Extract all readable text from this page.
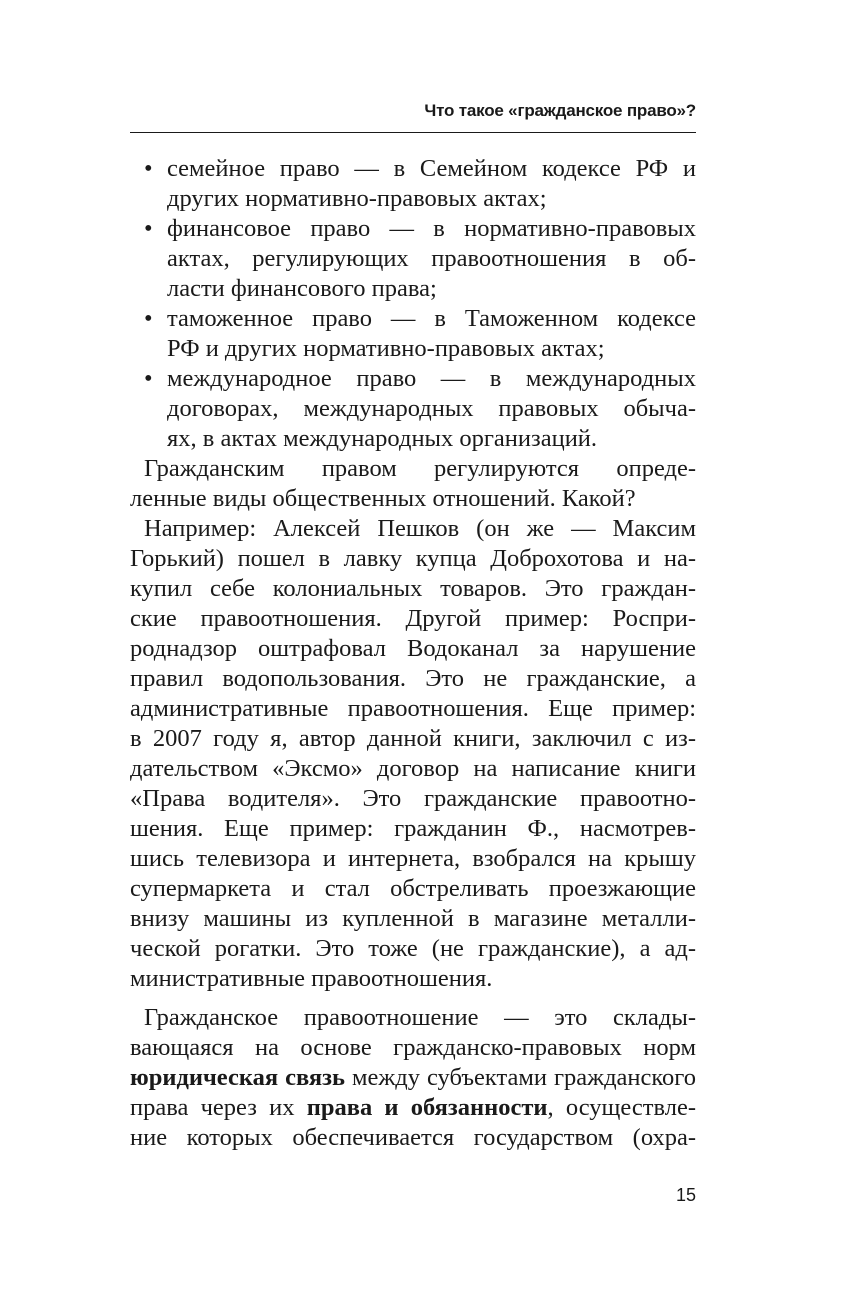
Что такое «гражданское право»?
• семейное право — в Семейном кодексе РФ и
других нормативно-правовых актах;
• финансовое право — в нормативно-правовых
актах, регулирующих правоотношения в об-
ласти финансового права;
• таможенное право — в Таможенном кодексе
РФ и других нормативно-правовых актах;
• международное право — в международных
договорах, международных правовых обыча-
ях, в актах международных организаций.
Гражданским правом регулируются опреде-
ленные виды общественных отношений. Какой?
Например: Алексей Пешков (он же — Максим
Горький) пошел в лавку купца Доброхотова и на-
купил себе колониальных товаров. Это граждан-
ские правоотношения. Другой пример: Роспри-
роднадзор оштрафовал Водоканал за нарушение
правил водопользования. Это не гражданские, а
административные правоотношения. Еще пример:
в 2007 году я, автор данной книги, заключил с из-
дательством «Эксмо» договор на написание книги
«Права водителя». Это гражданские правоотно-
шения. Еще пример: гражданин Ф., насмотрев-
шись телевизора и интернета, взобрался на крышу
супермаркета и стал обстреливать проезжающие
внизу машины из купленной в магазине металли-
ческой рогатки. Это тоже (не гражданские), а ад-
министративные правоотношения.
Гражданское правоотношение — это склады-
вающаяся на основе гражданско-правовых норм
юридическая связь между субъектами гражданского
права через их права и обязанности, осуществле-
ние которых обеспечивается государством (охра-
15
